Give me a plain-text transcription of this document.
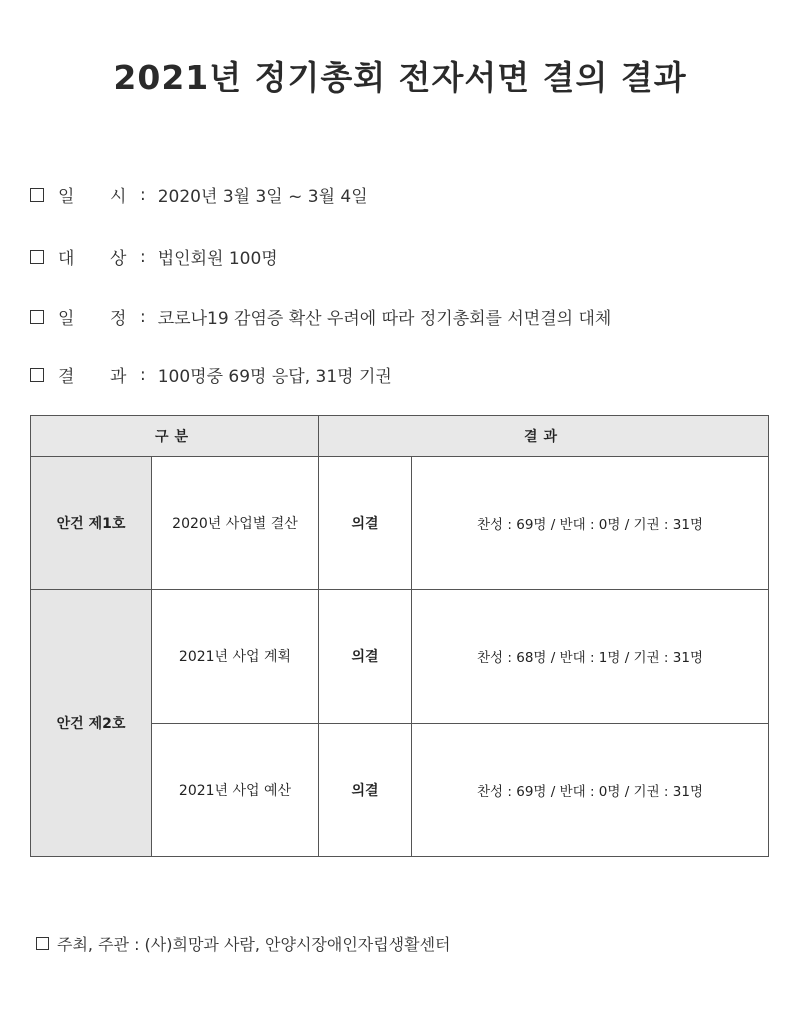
2021년 정기총회 전자서면 결의 결과
일	시 : 2020년 3월 3일 ~ 3월 4일
대	상 : 법인회원 100명
일	정 : 코로나19 감염증 확산 우려에 따라 정기총회를 서면결의 대체
결	과 : 100명중 69명 응답, 31명 기권
구분		결과	
안건 제1호	2020년 사업별 결산	의결	찬성 : 69명 / 반대 : 0명 / 기권 : 31명
안건 제2호	2021년 사업 계획	의결	찬성 : 68명 / 반대 : 1명 / 기권 : 31명
	2021년 사업 예산	의결	찬성 : 69명 / 반대 : 0명 / 기권 : 31명
주최, 주관 : (사)희망과 사람, 안양시장애인자립생활센터
